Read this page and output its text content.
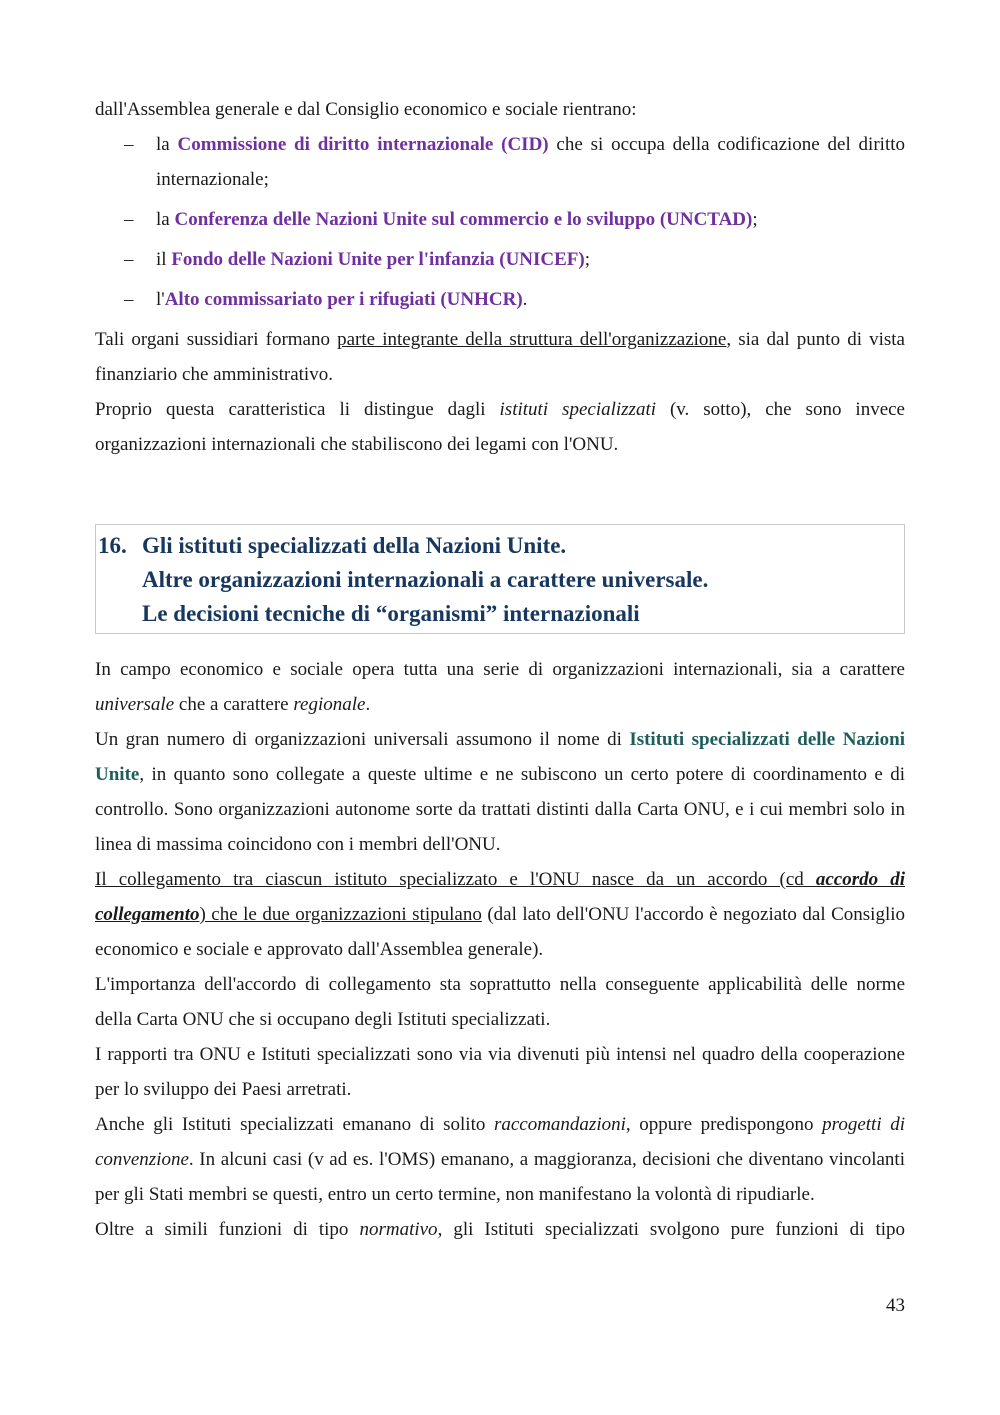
dall'Assemblea generale e dal Consiglio economico e sociale rientrano:

– la Commissione di diritto internazionale (CID) che si occupa della codificazione del diritto internazionale;
– la Conferenza delle Nazioni Unite sul commercio e lo sviluppo (UNCTAD);
– il Fondo delle Nazioni Unite per l'infanzia (UNICEF);
– l'Alto commissariato per i rifugiati (UNHCR).

Tali organi sussidiari formano parte integrante della struttura dell'organizzazione, sia dal punto di vista finanziario che amministrativo.

Proprio questa caratteristica li distingue dagli istituti specializzati (v. sotto), che sono invece organizzazioni internazionali che stabiliscono dei legami con l'ONU.

16. Gli istituti specializzati della Nazioni Unite.
Altre organizzazioni internazionali a carattere universale.
Le decisioni tecniche di “organismi” internazionali

In campo economico e sociale opera tutta una serie di organizzazioni internazionali, sia a carattere universale che a carattere regionale.

Un gran numero di organizzazioni universali assumono il nome di Istituti specializzati delle Nazioni Unite, in quanto sono collegate a queste ultime e ne subiscono un certo potere di coordinamento e di controllo. Sono organizzazioni autonome sorte da trattati distinti dalla Carta ONU, e i cui membri solo in linea di massima coincidono con i membri dell'ONU.

Il collegamento tra ciascun istituto specializzato e l'ONU nasce da un accordo (cd accordo di collegamento) che le due organizzazioni stipulano (dal lato dell'ONU l'accordo è negoziato dal Consiglio economico e sociale e approvato dall'Assemblea generale).

L'importanza dell'accordo di collegamento sta soprattutto nella conseguente applicabilità delle norme della Carta ONU che si occupano degli Istituti specializzati.

I rapporti tra ONU e Istituti specializzati sono via via divenuti più intensi nel quadro della cooperazione per lo sviluppo dei Paesi arretrati.

Anche gli Istituti specializzati emanano di solito raccomandazioni, oppure predispongono progetti di convenzione. In alcuni casi (v ad es. l'OMS) emanano, a maggioranza, decisioni che diventano vincolanti per gli Stati membri se questi, entro un certo termine, non manifestano la volontà di ripudiarle.

Oltre a simili funzioni di tipo normativo, gli Istituti specializzati svolgono pure funzioni di tipo

43
